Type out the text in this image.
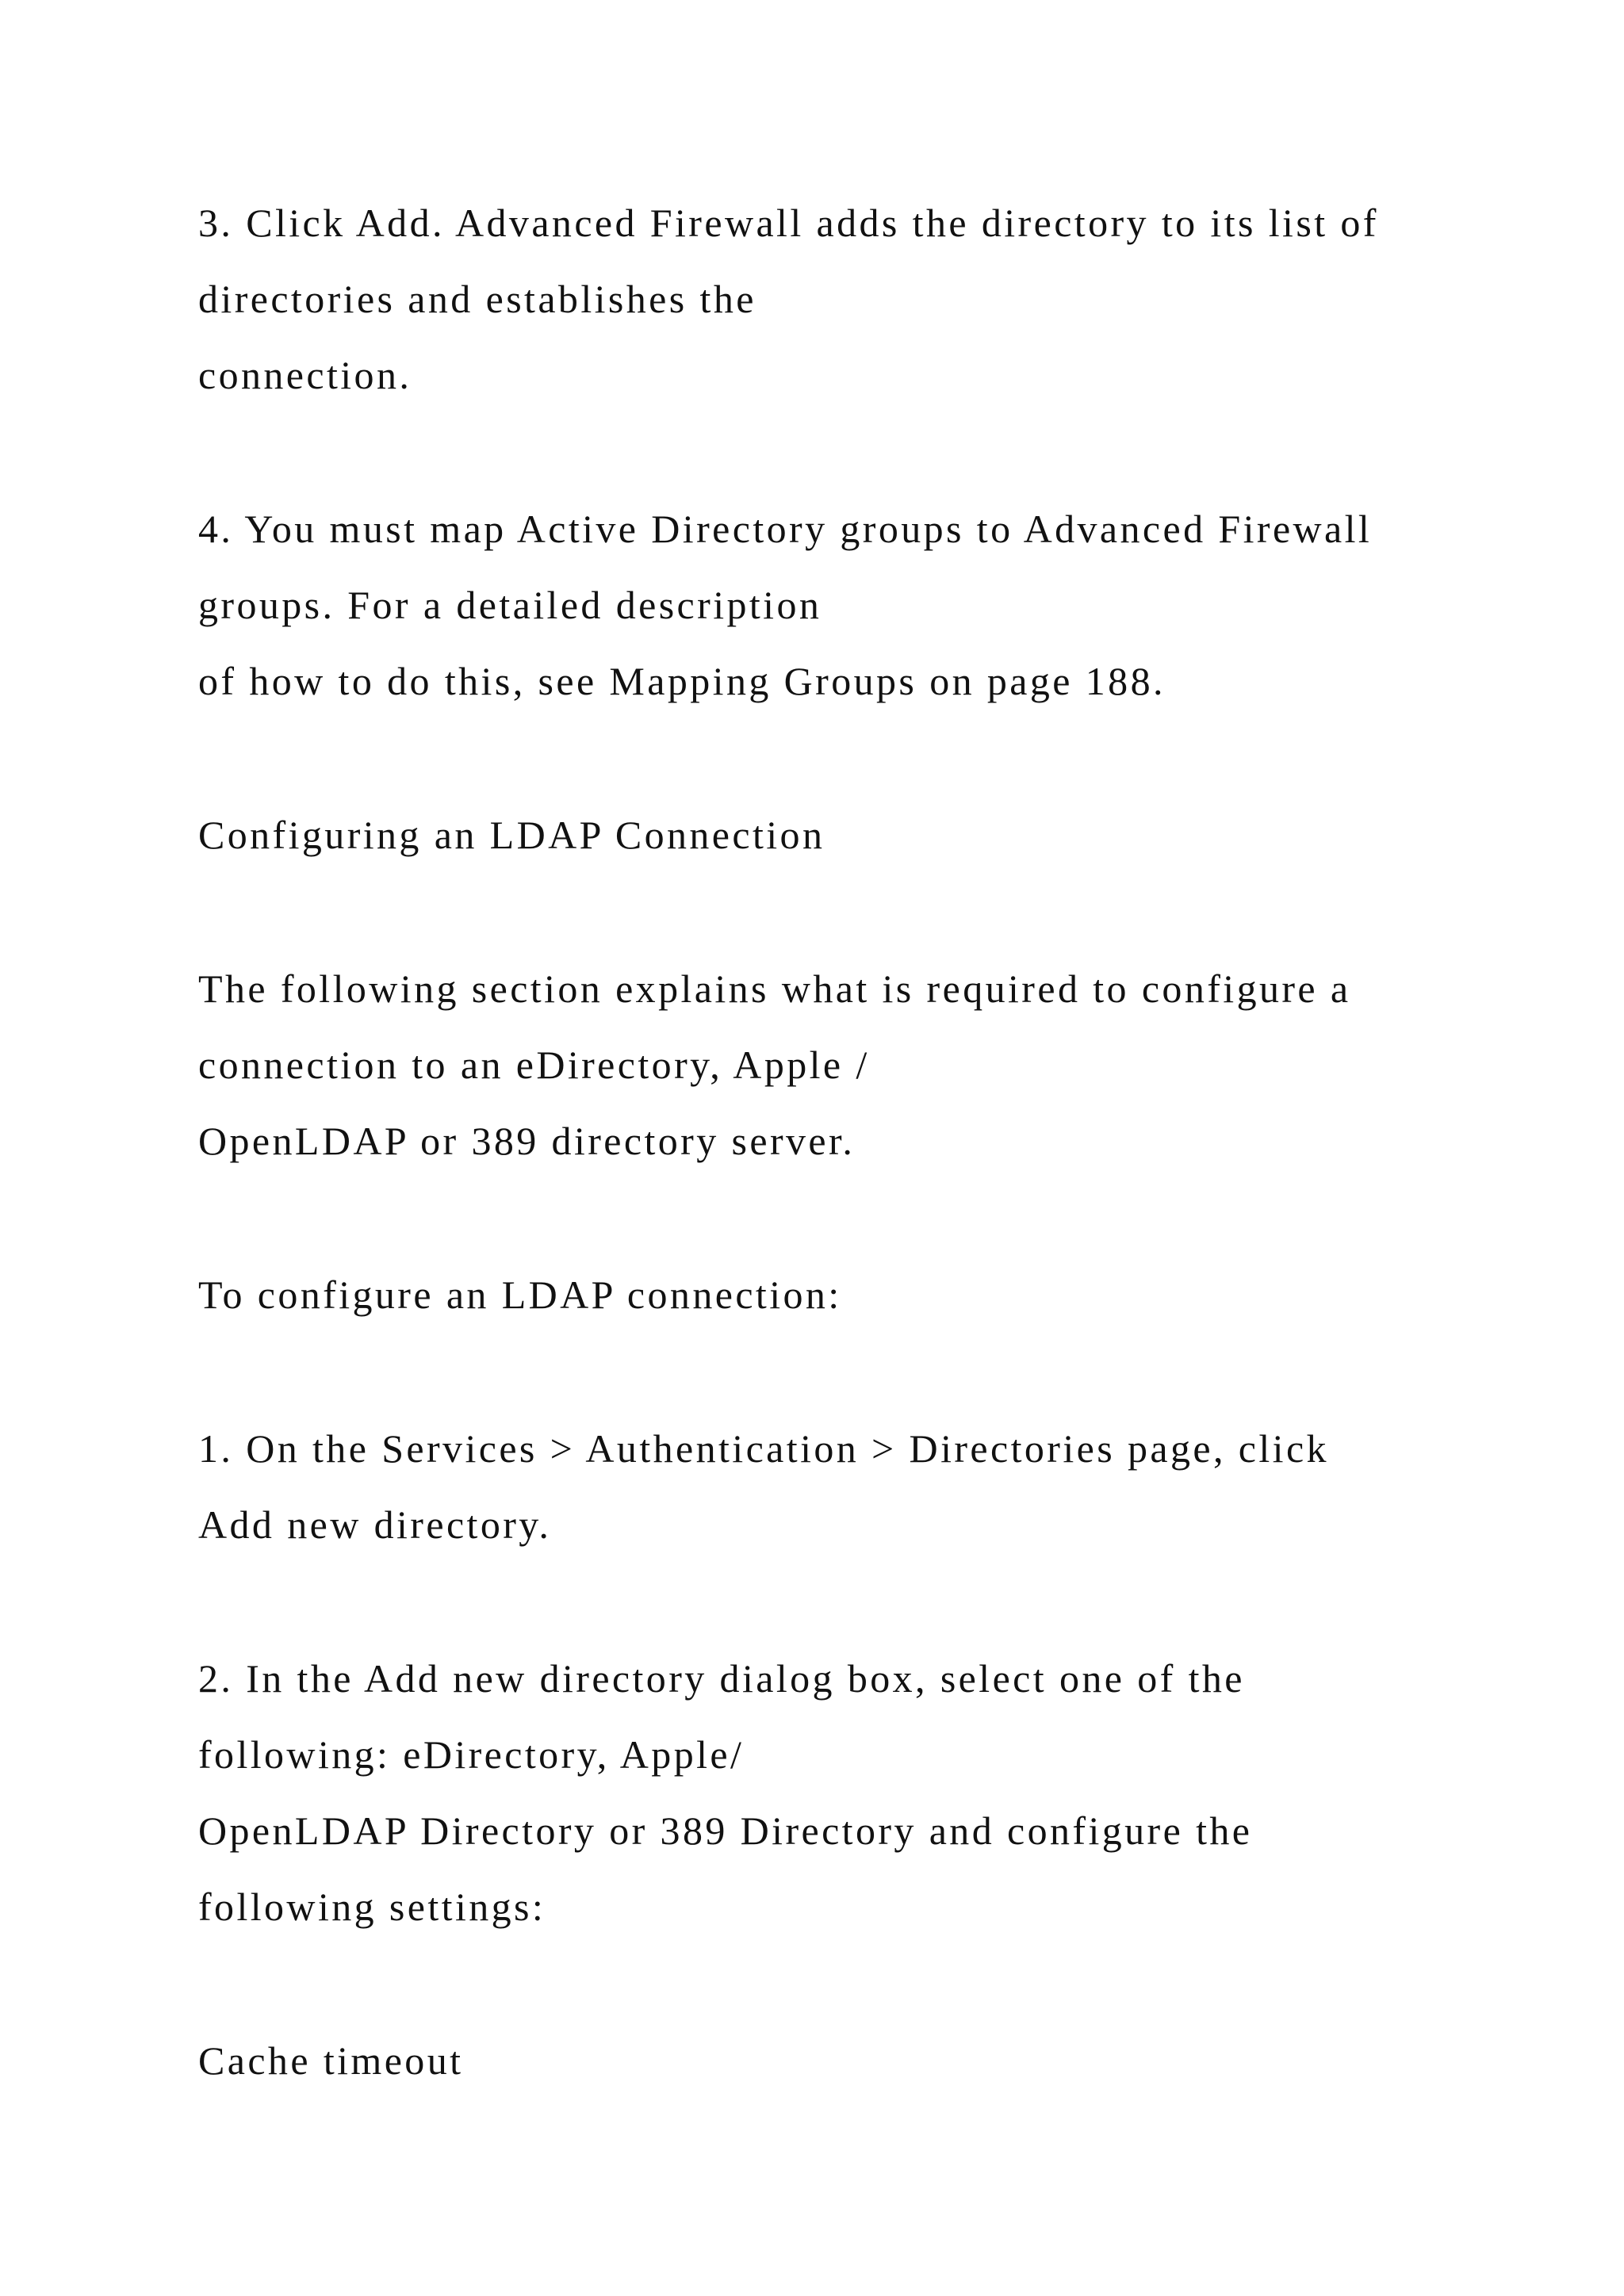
3. Click Add. Advanced Firewall adds the directory to its list of

directories and establishes the

connection.

4. You must map Active Directory groups to Advanced Firewall

groups. For a detailed description

of how to do this, see Mapping Groups on page 188.

Configuring an LDAP Connection

The following section explains what is required to configure a

connection to an eDirectory, Apple /

OpenLDAP or 389 directory server.

To configure an LDAP connection:

1. On the Services > Authentication > Directories page, click

Add new directory.

2. In the Add new directory dialog box, select one of the

following: eDirectory, Apple/

OpenLDAP Directory or 389 Directory and configure the

following settings:

Cache timeout
